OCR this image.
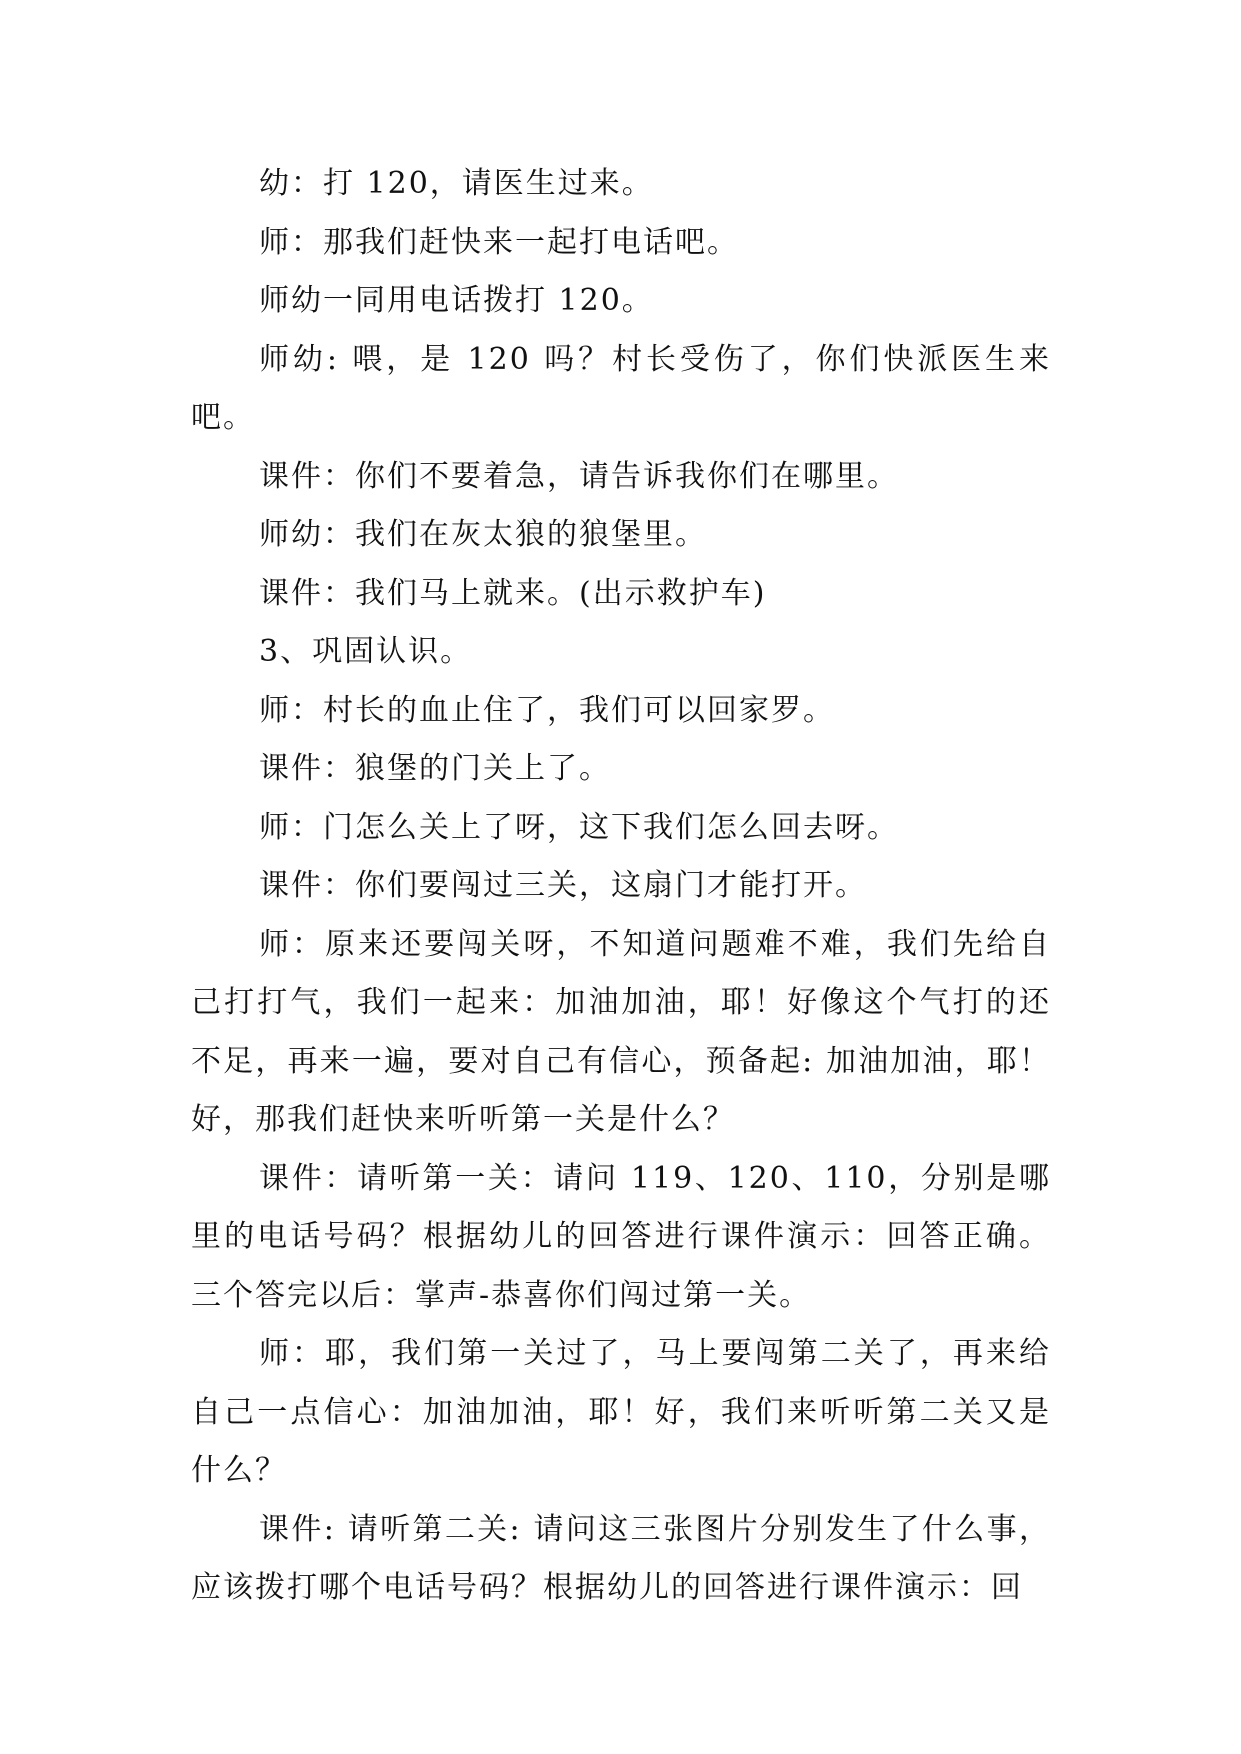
幼：打 120，请医生过来。

师：那我们赶快来一起打电话吧。

师幼一同用电话拨打 120。

师幼: 喂，是 120 吗？村长受伤了，你们快派医生来吧。

课件：你们不要着急，请告诉我你们在哪里。

师幼：我们在灰太狼的狼堡里。

课件：我们马上就来。(出示救护车)

3、巩固认识。

师：村长的血止住了，我们可以回家罗。

课件：狼堡的门关上了。

师：门怎么关上了呀，这下我们怎么回去呀。

课件：你们要闯过三关，这扇门才能打开。

师：原来还要闯关呀，不知道问题难不难，我们先给自己打打气，我们一起来：加油加油，耶！好像这个气打的还不足，再来一遍，要对自己有信心，预备起: 加油加油，耶！好，那我们赶快来听听第一关是什么？

课件：请听第一关：请问 119、120、110，分别是哪里的电话号码？根据幼儿的回答进行课件演示：回答正确。三个答完以后：掌声-恭喜你们闯过第一关。

师：耶，我们第一关过了，马上要闯第二关了，再来给自己一点信心：加油加油，耶！好，我们来听听第二关又是什么？

课件: 请听第二关: 请问这三张图片分别发生了什么事，应该拨打哪个电话号码？根据幼儿的回答进行课件演示：回
